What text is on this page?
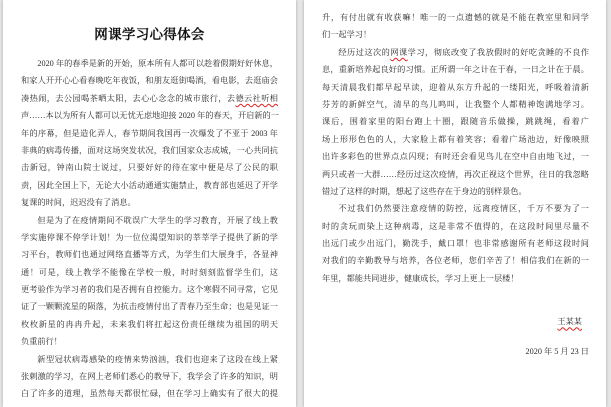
网课学习心得体会
2020 年的春季是新的开始，原本所有人都可以趁着假期好好休息，
和家人开开心心看春晚吃年夜饭，和朋友逛街喝酒，看电影，去逛庙会
凑热闹，去公园喝茶晒太阳，去心心念念的城市旅行，去德云社听相
声……本以为所有人都可以无忧无虑地迎接 2020 年的春天，开启新的一
年的序幕，但是造化弄人，春节期间我国再一次爆发了不亚于 2003 年
非典的病毒传播，面对这场突发状况，我们国家众志成城，一心共同抗
击新冠，钟南山院士说过，只要好好的待在家中便是尽了公民的职
责，因此全国上下，无论大小活动通通实施禁止，教育部也延迟了开学
复课的时间，迟迟没有了消息。
但是为了在疫情期间不耽误广大学生的学习教育，开展了线上教
学实施停课不停学计划！为一位位渴望知识的莘莘学子提供了新的学
习平台，教师们也通过网络直播等方式，为学生们大展身手，各显神
通！可是，线上教学不能像在学校一般，时时刻刻监督学生们，这
更考验作为学习者的我们是否拥有自控能力。这个寒假不同寻常，它见
证了一颗颗流星的陨落，为抗击疫情付出了青春乃至生命；也是见证一
枚枚新星的冉冉升起，未来我们将扛起这份责任继续为祖国的明天
负重前行！
新型冠状病毒感染的疫情来势汹汹，我们也迎来了这段在线上紧
张刺激的学习，在网上老师们悉心的教导下，我学会了许多的知识，明
白了许多的道理，虽然每天都很忙碌，但在学习上确实有了很大的提
升，有付出就有收获嘛！唯一的一点遗憾的就是不能在教室里和同学
们一起学习！
经历过这次的网课学习，彻底改变了我放假时的好吃贪睡的不良作
息，重新培养起良好的习惯。正所谓一年之计在于春，一日之计在于晨。
每天清晨我们都早起早读，迎着从东方升起的一缕阳光，呼吸着清新
芬芳的新鲜空气，清早的鸟儿鸣叫，让我整个人都精神饱满地学习。
课后，围着家里的阳台跑上十圈，跟随音乐做操，跳跳绳，看着广
场上形形色色的人，大家脸上都有着笑容；看着广场池边，好像映照
出许多彩色的世界点点闪现；有时还会看见鸟儿在空中自由地飞过，一
两只或者一大群……经历过这次疫情，再次正视这个世界，往日的我忽略
错过了这样的时期，想起了这些存在于身边的别样景色。
不过我们仍然要注意疫情的防控，远离疫情区，千万不要为了一
时的贪玩而染上这种病毒，这是非常不值得的，在这段时间里尽量不
出远门或少出远门，勤洗手，戴口罩！也非常感谢所有老师这段时间
对我们的辛勤教导与培养，各位老师，您们辛苦了！相信我们在新的一
年里，都能共同进步，健康成长，学习上更上一层楼！
王某某
2020 年 5 月 23 日
